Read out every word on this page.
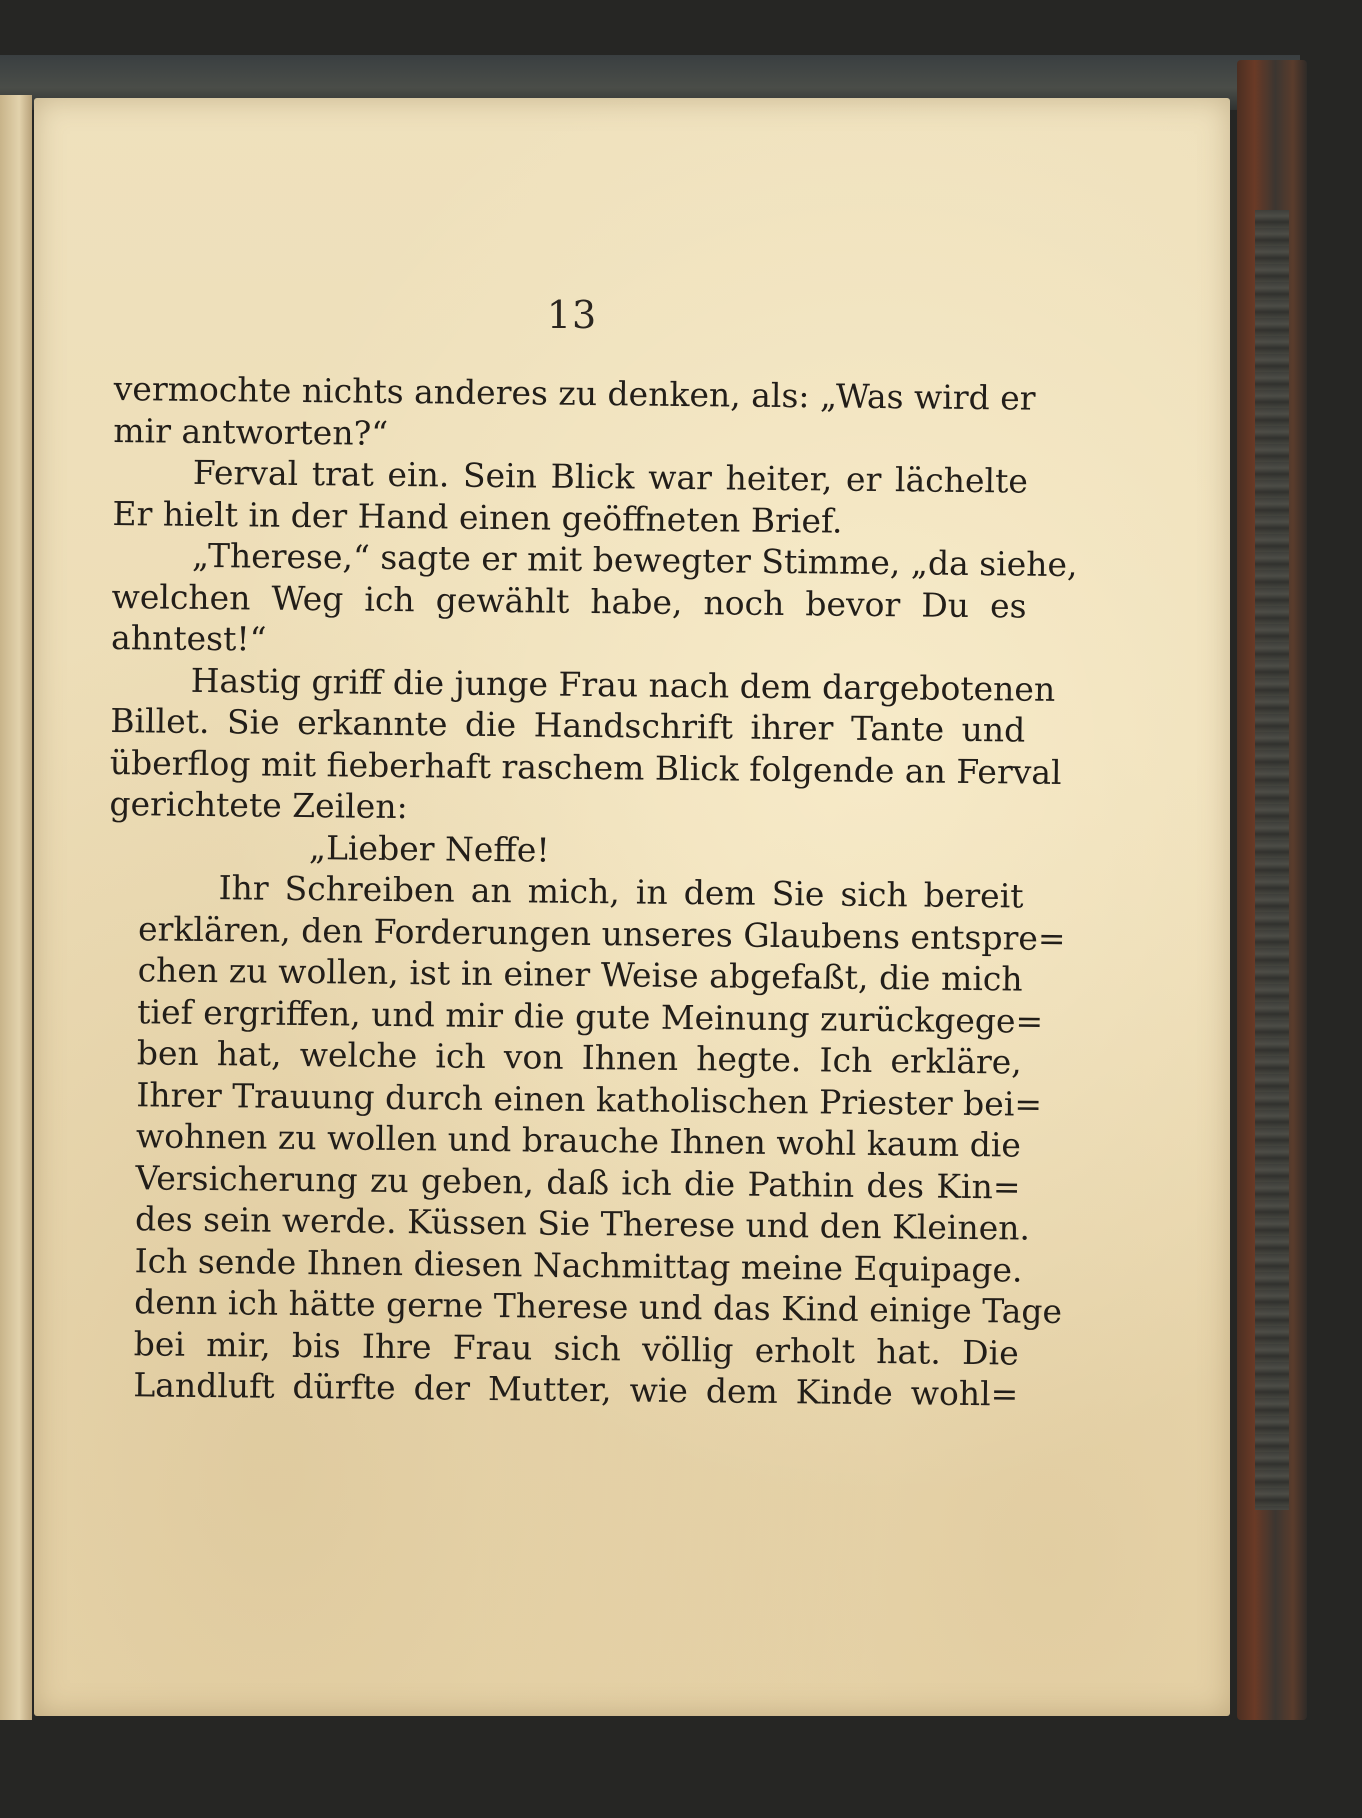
13

vermochte nichts anderes zu denken, als: „Was wird er
mir antworten?“

Ferval trat ein. Sein Blick war heiter, er lächelte
Er hielt in der Hand einen geöffneten Brief.

„Therese,“ sagte er mit bewegter Stimme, „da siehe,
welchen Weg ich gewählt habe, noch bevor Du es
ahntest!“

Hastig griff die junge Frau nach dem dargebotenen
Billet. Sie erkannte die Handschrift ihrer Tante und
überflog mit fieberhaft raschem Blick folgende an Ferval
gerichtete Zeilen:

„Lieber Neffe!

Ihr Schreiben an mich, in dem Sie sich bereit
erklären, den Forderungen unseres Glaubens entspre=
chen zu wollen, ist in einer Weise abgefaßt, die mich
tief ergriffen, und mir die gute Meinung zurückgege=
ben hat, welche ich von Ihnen hegte. Ich erkläre,
Ihrer Trauung durch einen katholischen Priester bei=
wohnen zu wollen und brauche Ihnen wohl kaum die
Versicherung zu geben, daß ich die Pathin des Kin=
des sein werde. Küssen Sie Therese und den Kleinen.
Ich sende Ihnen diesen Nachmittag meine Equipage.
denn ich hätte gerne Therese und das Kind einige Tage
bei mir, bis Ihre Frau sich völlig erholt hat. Die
Landluft dürfte der Mutter, wie dem Kinde wohl=
